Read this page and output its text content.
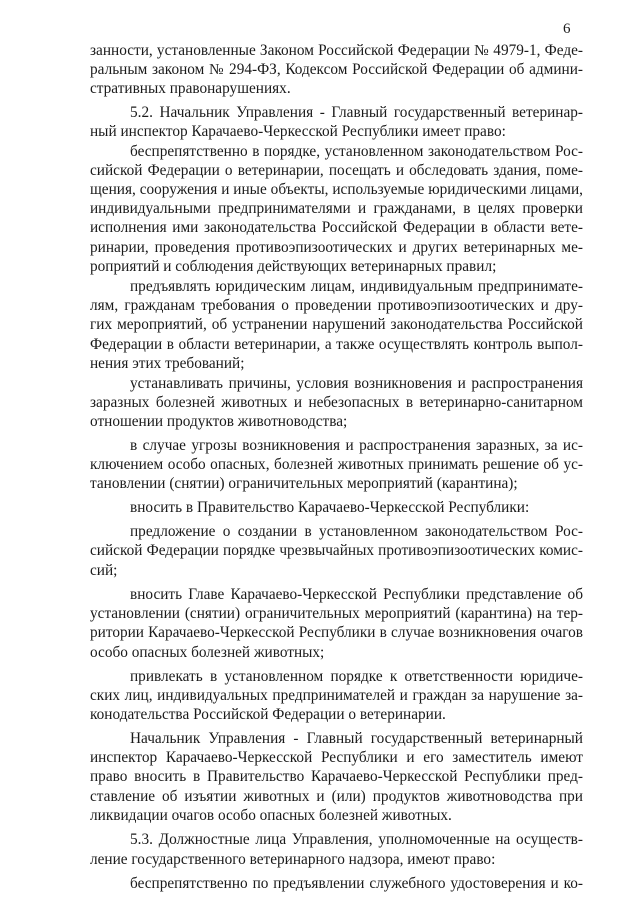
6
занности, установленные Законом Российской Федерации № 4979-1, Феде-
ральным законом № 294-ФЗ, Кодексом Российской Федерации об админи-
стративных правонарушениях.
5.2. Начальник Управления - Главный государственный ветеринар-
ный инспектор Карачаево-Черкесской Республики имеет право:
беспрепятственно в порядке, установленном законодательством Рос-
сийской Федерации о ветеринарии, посещать и обследовать здания, поме-
щения, сооружения и иные объекты, используемые юридическими лицами,
индивидуальными предпринимателями и гражданами, в целях проверки
исполнения ими законодательства Российской Федерации в области вете-
ринарии, проведения противоэпизоотических и других ветеринарных ме-
роприятий и соблюдения действующих ветеринарных правил;
предъявлять юридическим лицам, индивидуальным предпринимате-
лям, гражданам требования о проведении противоэпизоотических и дру-
гих мероприятий, об устранении нарушений законодательства Российской
Федерации в области ветеринарии, а также осуществлять контроль выпол-
нения этих требований;
устанавливать причины, условия возникновения и распространения
заразных болезней животных и небезопасных в ветеринарно-санитарном
отношении продуктов животноводства;
в случае угрозы возникновения и распространения заразных, за ис-
ключением особо опасных, болезней животных принимать решение об ус-
тановлении (снятии) ограничительных мероприятий (карантина);
вносить в Правительство Карачаево-Черкесской Республики:
предложение о создании в установленном законодательством Рос-
сийской Федерации порядке чрезвычайных противоэпизоотических комис-
сий;
вносить Главе Карачаево-Черкесской Республики представление об
установлении (снятии) ограничительных мероприятий (карантина) на тер-
ритории Карачаево-Черкесской Республики в случае возникновения очагов
особо опасных болезней животных;
привлекать в установленном порядке к ответственности юридиче-
ских лиц, индивидуальных предпринимателей и граждан за нарушение за-
конодательства Российской Федерации о ветеринарии.
Начальник Управления - Главный государственный ветеринарный
инспектор Карачаево-Черкесской Республики и его заместитель имеют
право вносить в Правительство Карачаево-Черкесской Республики пред-
ставление об изъятии животных и (или) продуктов животноводства при
ликвидации очагов особо опасных болезней животных.
5.3. Должностные лица Управления, уполномоченные на осуществ-
ление государственного ветеринарного надзора, имеют право:
беспрепятственно по предъявлении служебного удостоверения и ко-
